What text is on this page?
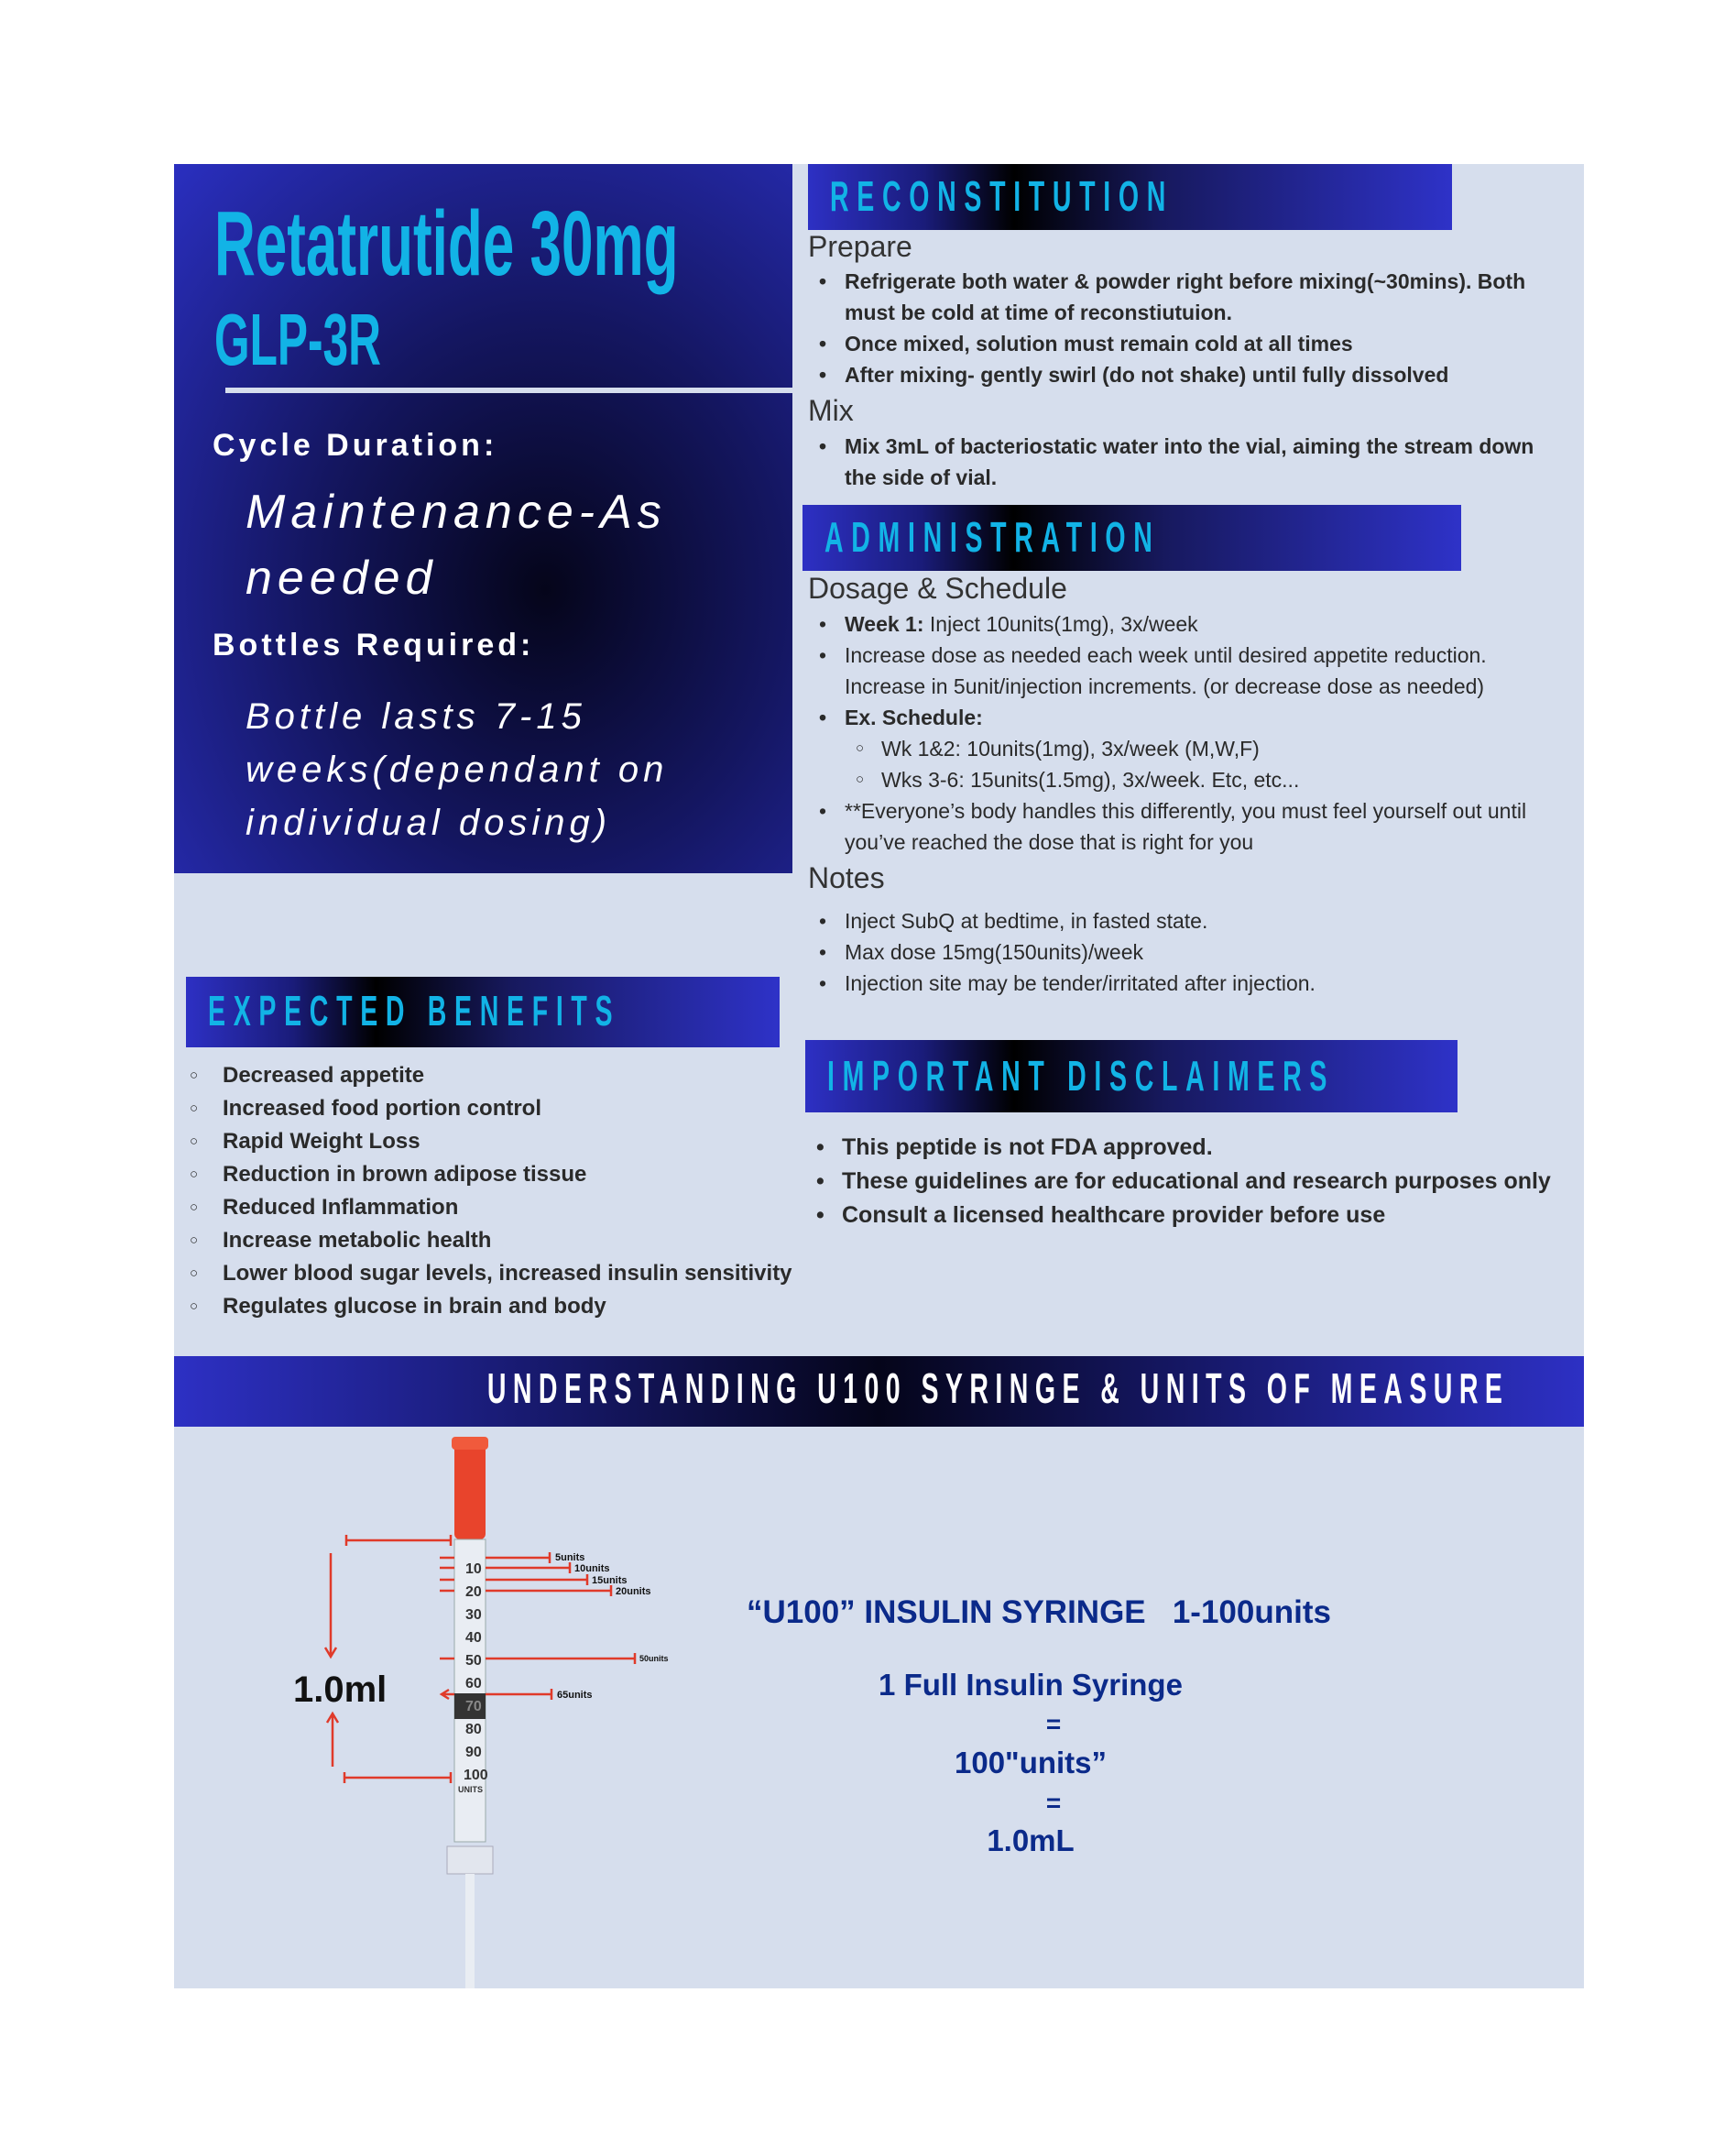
Retatrutide 30mg
GLP-3R
Cycle Duration:
Maintenance-As
needed
Bottles Required:
Bottle lasts 7-15
weeks(dependant on
individual dosing)
RECONSTITUTION
Prepare
• Refrigerate both water & powder right before mixing(~30mins). Both must be cold at time of reconstiutuion.
• Once mixed, solution must remain cold at all times
• After mixing- gently swirl (do not shake) until fully dissolved
Mix
• Mix 3mL of bacteriostatic water into the vial, aiming the stream down the side of vial.
ADMINISTRATION
Dosage & Schedule
• Week 1: Inject 10units(1mg), 3x/week
• Increase dose as needed each week until desired appetite reduction. Increase in 5unit/injection increments. (or decrease dose as needed)
• Ex. Schedule:
○ Wk 1&2: 10units(1mg), 3x/week (M,W,F)
○ Wks 3-6: 15units(1.5mg), 3x/week. Etc, etc...
• **Everyone’s body handles this differently, you must feel yourself out until you’ve reached the dose that is right for you
Notes
• Inject SubQ at bedtime, in fasted state.
• Max dose 15mg(150units)/week
• Injection site may be tender/irritated after injection.
IMPORTANT DISCLAIMERS
• This peptide is not FDA approved.
• These guidelines are for educational and research purposes only
• Consult a licensed healthcare provider before use
EXPECTED BENEFITS
○ Decreased appetite
○ Increased food portion control
○ Rapid Weight Loss
○ Reduction in brown adipose tissue
○ Reduced Inflammation
○ Increase metabolic health
○ Lower blood sugar levels, increased insulin sensitivity
○ Regulates glucose in brain and body
UNDERSTANDING U100 SYRINGE & UNITS OF MEASURE
10
20
30
40
50
60
70
80
90
100
UNITS
5units
10units
15units
20units
50units
65units
1.0ml
“U100” INSULIN SYRINGE   1-100units
1 Full Insulin Syringe
=
100"units”
=
1.0mL
